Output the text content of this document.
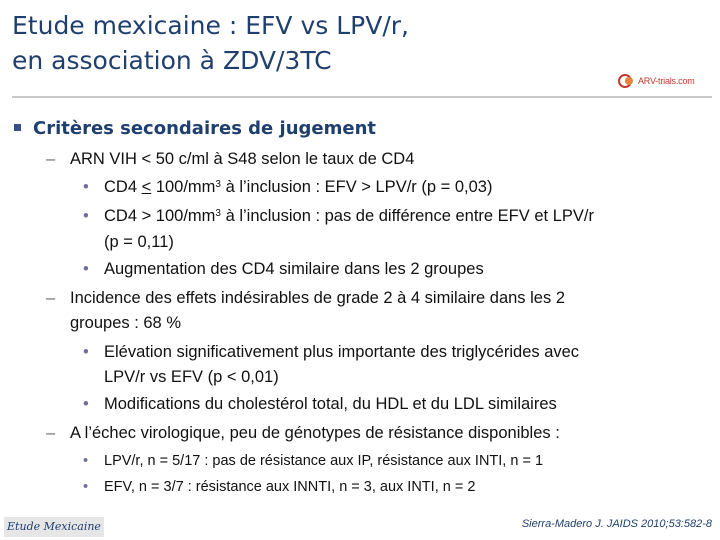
Etude mexicaine : EFV vs LPV/r,
en association à ZDV/3TC
ARV-trials.com
Critères secondaires de jugement
– ARN VIH < 50 c/ml à S48 selon le taux de CD4
• $CD4 < 100/mm^3$ à l’inclusion : EFV > LPV/r (p = 0,03)
• $CD4 > 100/mm^3$ à l’inclusion : pas de différence entre EFV et LPV/r
(p = 0,11)
• Augmentation des CD4 similaire dans les 2 groupes
– Incidence des effets indésirables de grade 2 à 4 similaire dans les 2
groupes : 68 %
• Elévation significativement plus importante des triglycérides avec
LPV/r vs EFV (p < 0,01)
• Modifications du cholestérol total, du HDL et du LDL similaires
– A l’échec virologique, peu de génotypes de résistance disponibles :
• LPV/r, n = 5/17 : pas de résistance aux IP, résistance aux INTI, n = 1
• EFV, n = 3/7 : résistance aux INNTI, n = 3, aux INTI, n = 2
Etude Mexicaine	Sierra-Madero J. JAIDS 2010;53:582-8
